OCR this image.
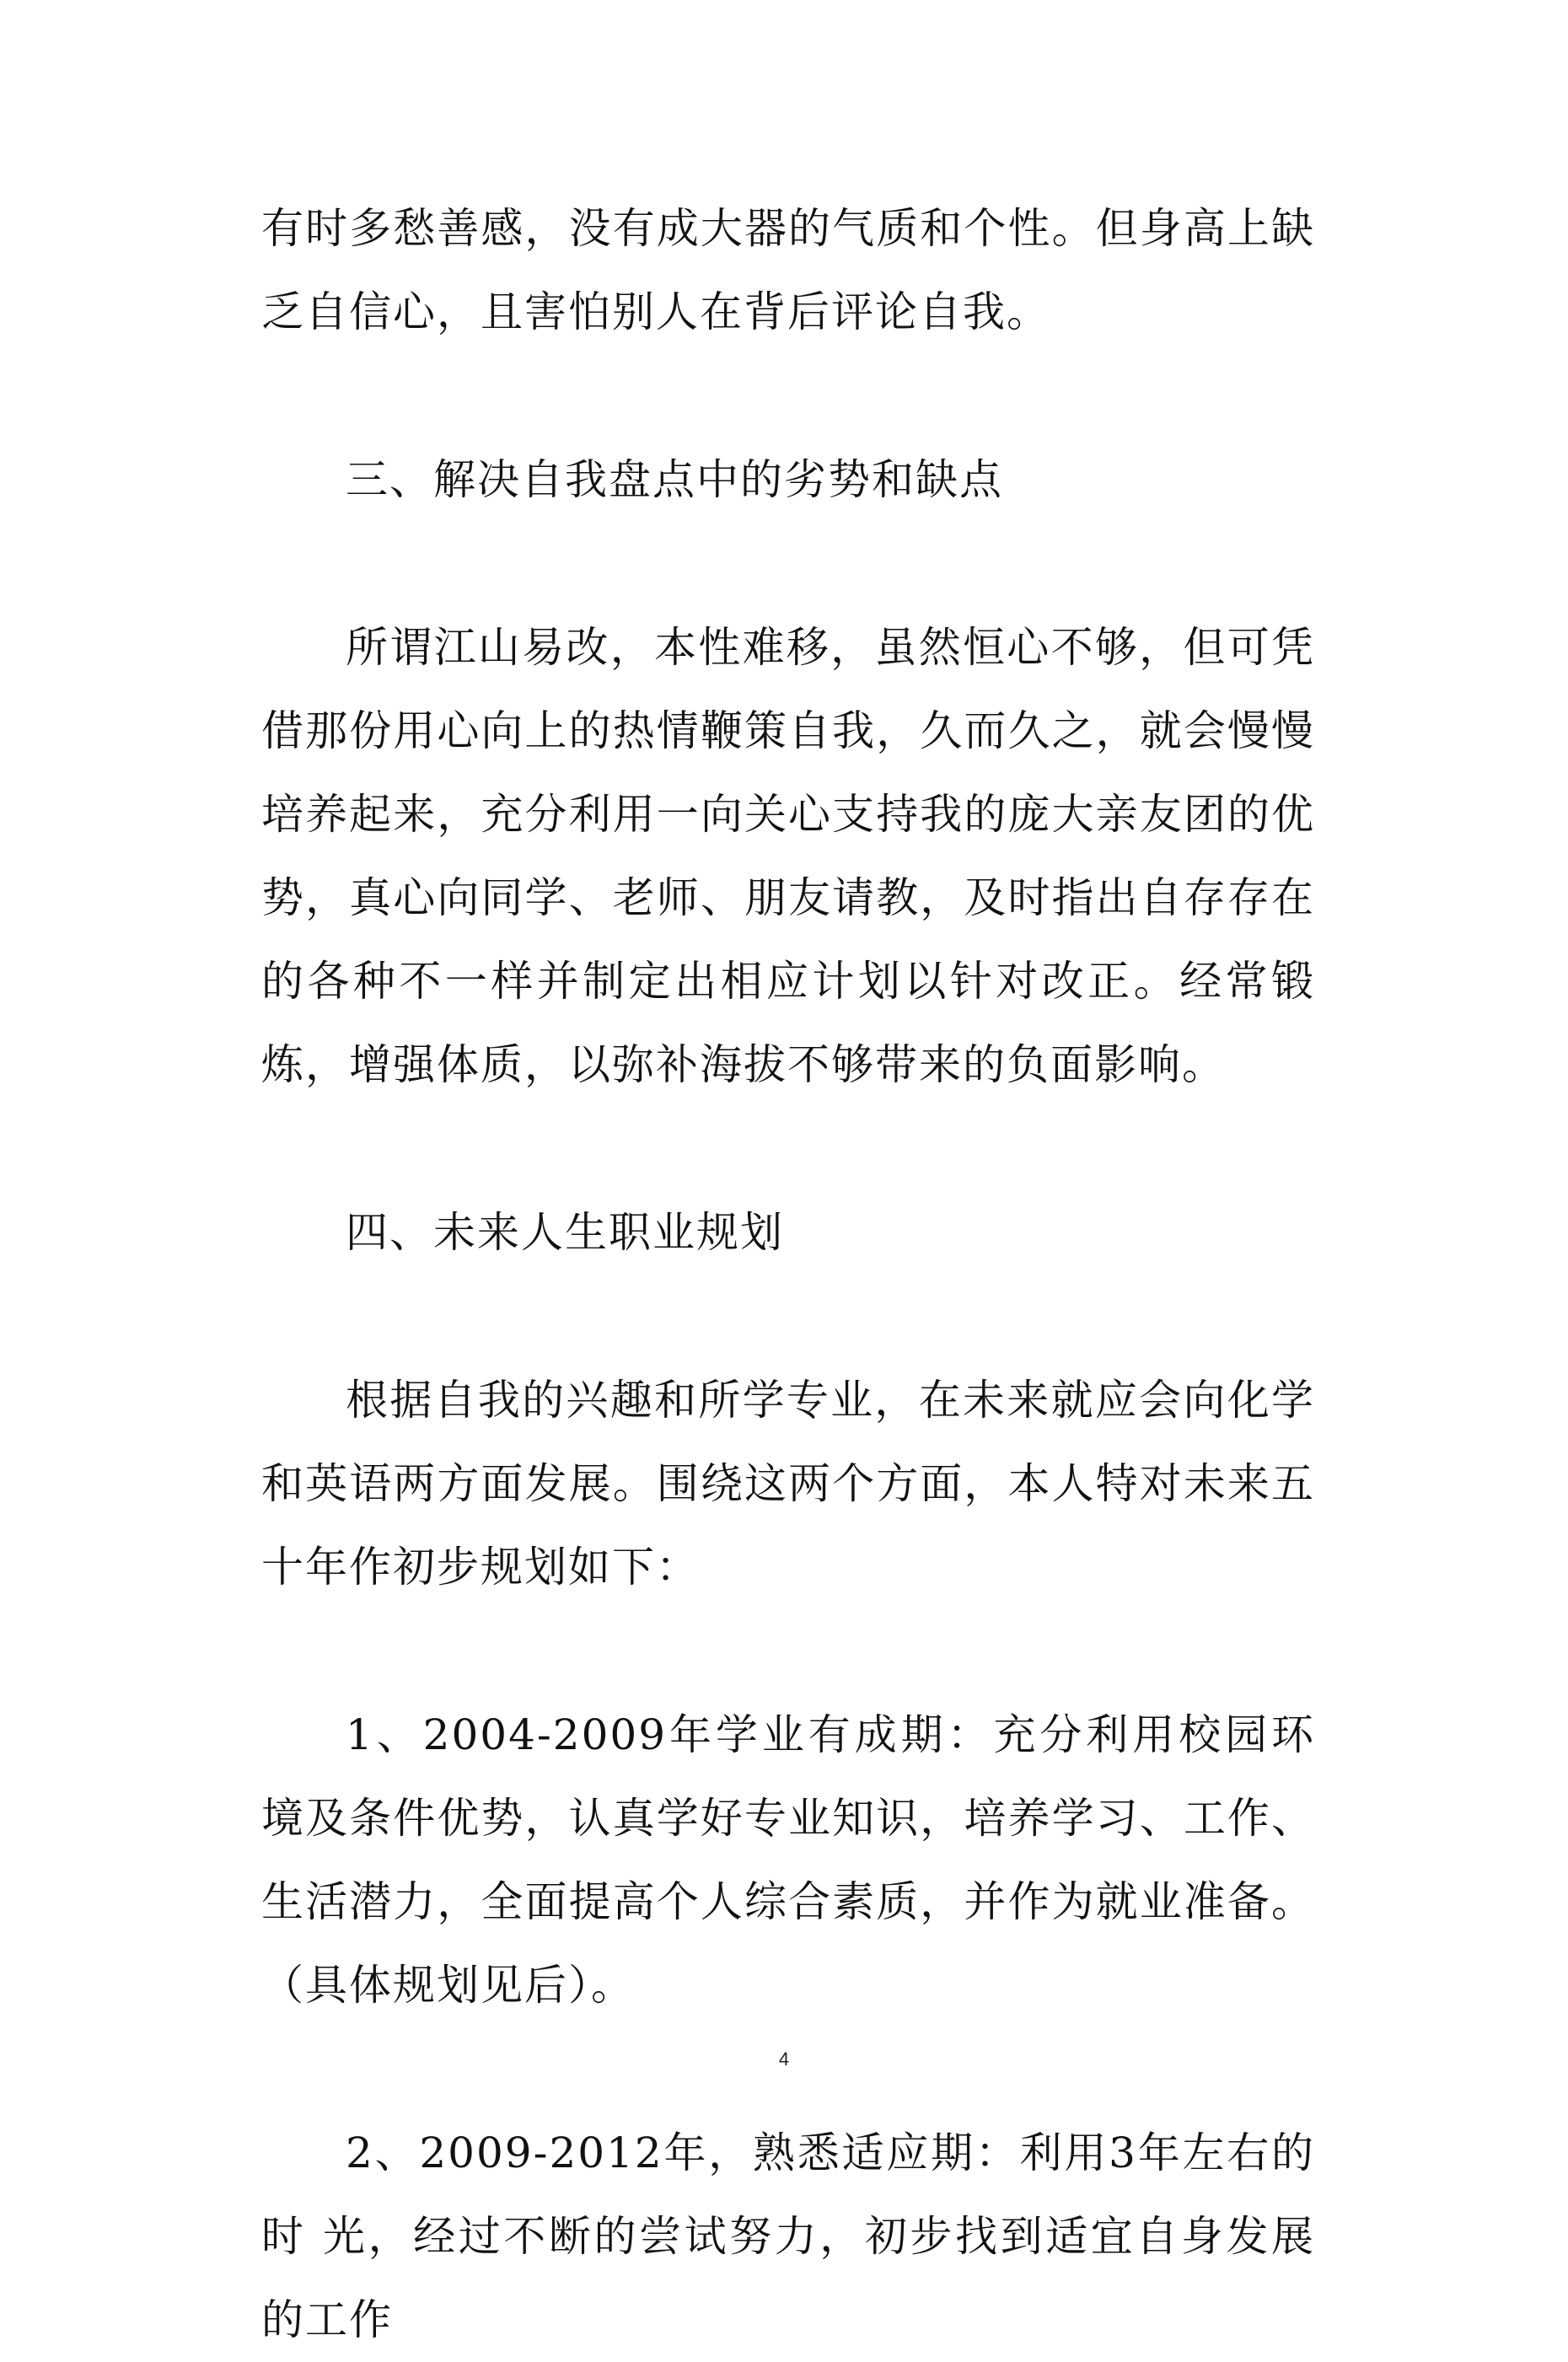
有时多愁善感，没有成大器的气质和个性。但身高上缺乏自信心，且害怕别人在背后评论自我。

三、解决自我盘点中的劣势和缺点

所谓江山易改，本性难移，虽然恒心不够，但可凭借那份用心向上的热情鞭策自我，久而久之，就会慢慢培养起来，充分利用一向关心支持我的庞大亲友团的优势，真心向同学、老师、朋友请教，及时指出自存存在的各种不一样并制定出相应计划以针对改正。经常锻炼，增强体质，以弥补海拔不够带来的负面影响。

四、未来人生职业规划

根据自我的兴趣和所学专业，在未来就应会向化学和英语两方面发展。围绕这两个方面，本人特对未来五十年作初步规划如下：

1、2004-2009年学业有成期：充分利用校园环境及条件优势，认真学好专业知识，培养学习、工作、生活潜力，全面提高个人综合素质，并作为就业准备。（具体规划见后）。

2、2009-2012年，熟悉适应期：利用3年左右的时 光，经过不断的尝试努力，初步找到适宜自身发展的工作

4
